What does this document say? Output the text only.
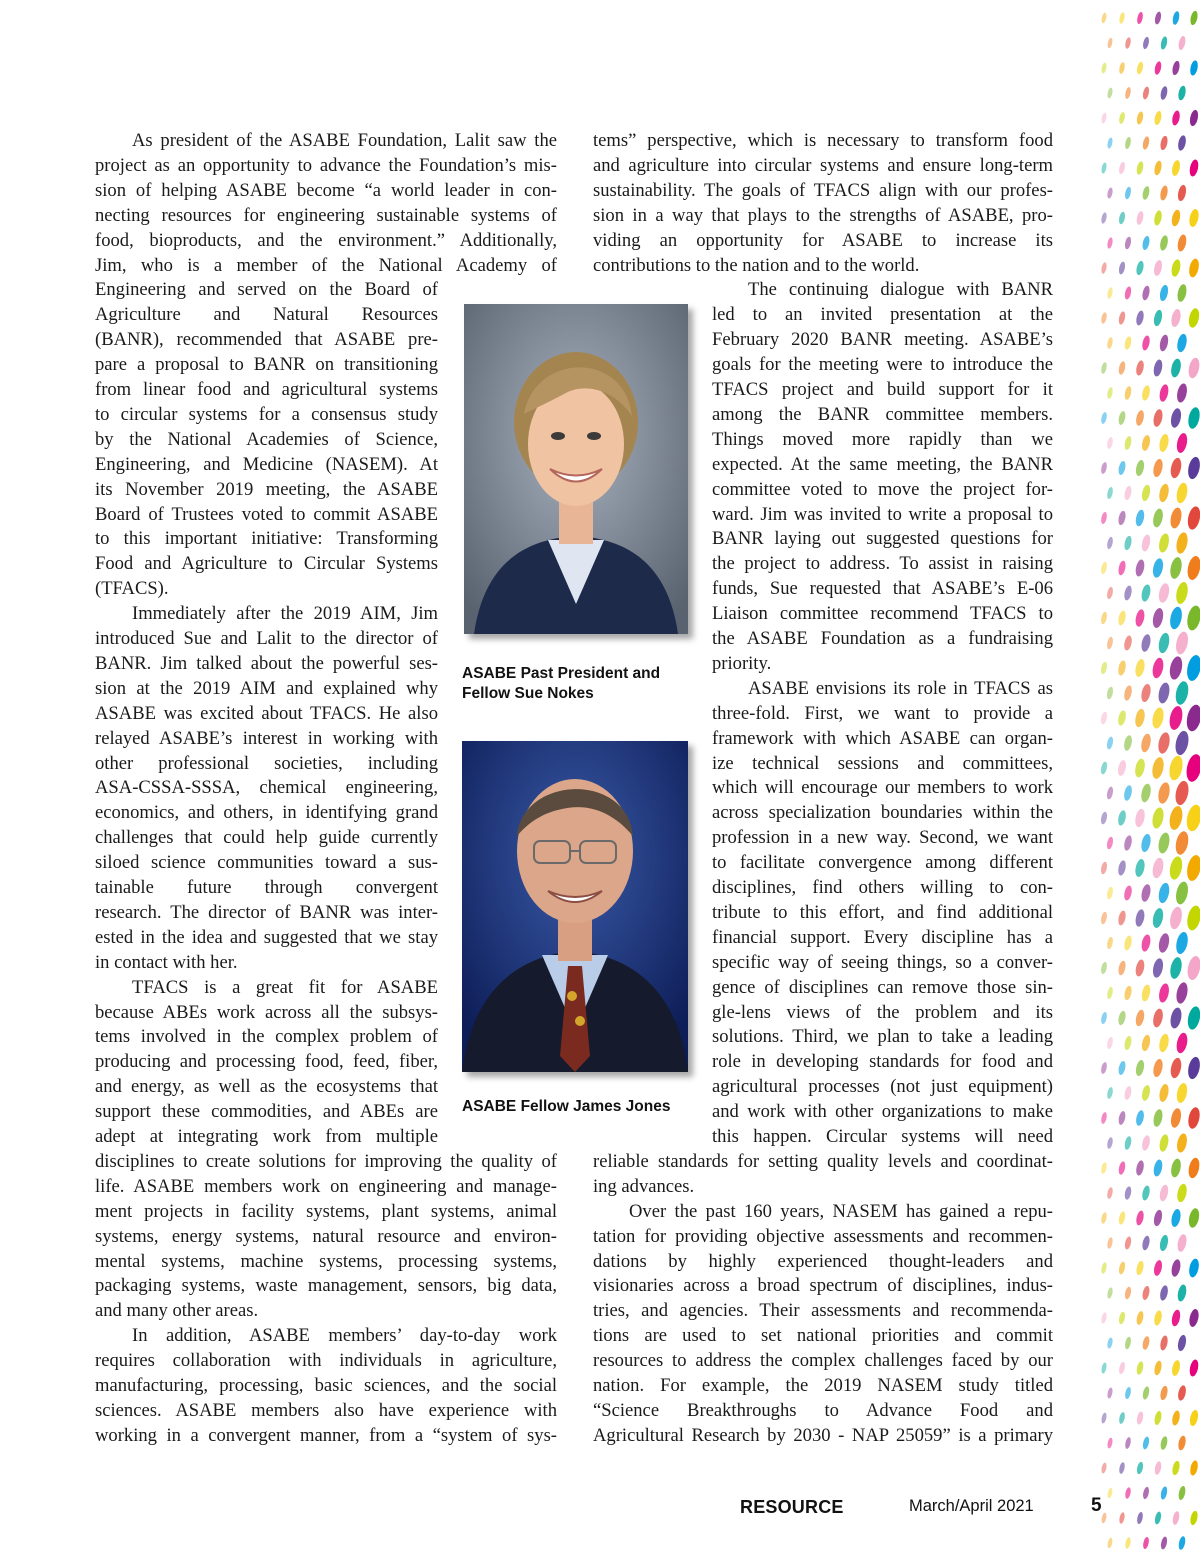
As president of the ASABE Foundation, Lalit saw the
project as an opportunity to advance the Foundation’s mis-
sion of helping ASABE become “a world leader in con-
necting resources for engineering sustainable systems of
food, bioproducts, and the environment.” Additionally,
Jim, who is a member of the National Academy of
Engineering and served on the Board of
Agriculture and Natural Resources
(BANR), recommended that ASABE pre-
pare a proposal to BANR on transitioning
from linear food and agricultural systems
to circular systems for a consensus study
by the National Academies of Science,
Engineering, and Medicine (NASEM). At
its November 2019 meeting, the ASABE
Board of Trustees voted to commit ASABE
to this important initiative: Transforming
Food and Agriculture to Circular Systems
(TFACS).
Immediately after the 2019 AIM, Jim
introduced Sue and Lalit to the director of
BANR. Jim talked about the powerful ses-
sion at the 2019 AIM and explained why
ASABE was excited about TFACS. He also
relayed ASABE’s interest in working with
other professional societies, including
ASA-CSSA-SSSA, chemical engineering,
economics, and others, in identifying grand
challenges that could help guide currently
siloed science communities toward a sus-
tainable future through convergent
research. The director of BANR was inter-
ested in the idea and suggested that we stay
in contact with her.
TFACS is a great fit for ASABE
because ABEs work across all the subsys-
tems involved in the complex problem of
producing and processing food, feed, fiber,
and energy, as well as the ecosystems that
support these commodities, and ABEs are
adept at integrating work from multiple
disciplines to create solutions for improving the quality of
life. ASABE members work on engineering and manage-
ment projects in facility systems, plant systems, animal
systems, energy systems, natural resource and environ-
mental systems, machine systems, processing systems,
packaging systems, waste management, sensors, big data,
and many other areas.
In addition, ASABE members’ day-to-day work
requires collaboration with individuals in agriculture,
manufacturing, processing, basic sciences, and the social
sciences. ASABE members also have experience with
working in a convergent manner, from a “system of sys-
tems” perspective, which is necessary to transform food
and agriculture into circular systems and ensure long-term
sustainability. The goals of TFACS align with our profes-
sion in a way that plays to the strengths of ASABE, pro-
viding an opportunity for ASABE to increase its
contributions to the nation and to the world.
The continuing dialogue with BANR
led to an invited presentation at the
February 2020 BANR meeting. ASABE’s
goals for the meeting were to introduce the
TFACS project and build support for it
among the BANR committee members.
Things moved more rapidly than we
expected. At the same meeting, the BANR
committee voted to move the project for-
ward. Jim was invited to write a proposal to
BANR laying out suggested questions for
the project to address. To assist in raising
funds, Sue requested that ASABE’s E-06
Liaison committee recommend TFACS to
the ASABE Foundation as a fundraising
priority.
ASABE envisions its role in TFACS as
three-fold. First, we want to provide a
framework with which ASABE can organ-
ize technical sessions and committees,
which will encourage our members to work
across specialization boundaries within the
profession in a new way. Second, we want
to facilitate convergence among different
disciplines, find others willing to con-
tribute to this effort, and find additional
financial support. Every discipline has a
specific way of seeing things, so a conver-
gence of disciplines can remove those sin-
gle-lens views of the problem and its
solutions. Third, we plan to take a leading
role in developing standards for food and
agricultural processes (not just equipment)
and work with other organizations to make
this happen. Circular systems will need
reliable standards for setting quality levels and coordinat-
ing advances.
Over the past 160 years, NASEM has gained a repu-
tation for providing objective assessments and recommen-
dations by highly experienced thought-leaders and
visionaries across a broad spectrum of disciplines, indus-
tries, and agencies. Their assessments and recommenda-
tions are used to set national priorities and commit
resources to address the complex challenges faced by our
nation. For example, the 2019 NASEM study titled
“Science Breakthroughs to Advance Food and
Agricultural Research by 2030 - NAP 25059” is a primary
ASABE Past President and
Fellow Sue Nokes
ASABE Fellow James Jones
RESOURCE	March/April 2021	5
